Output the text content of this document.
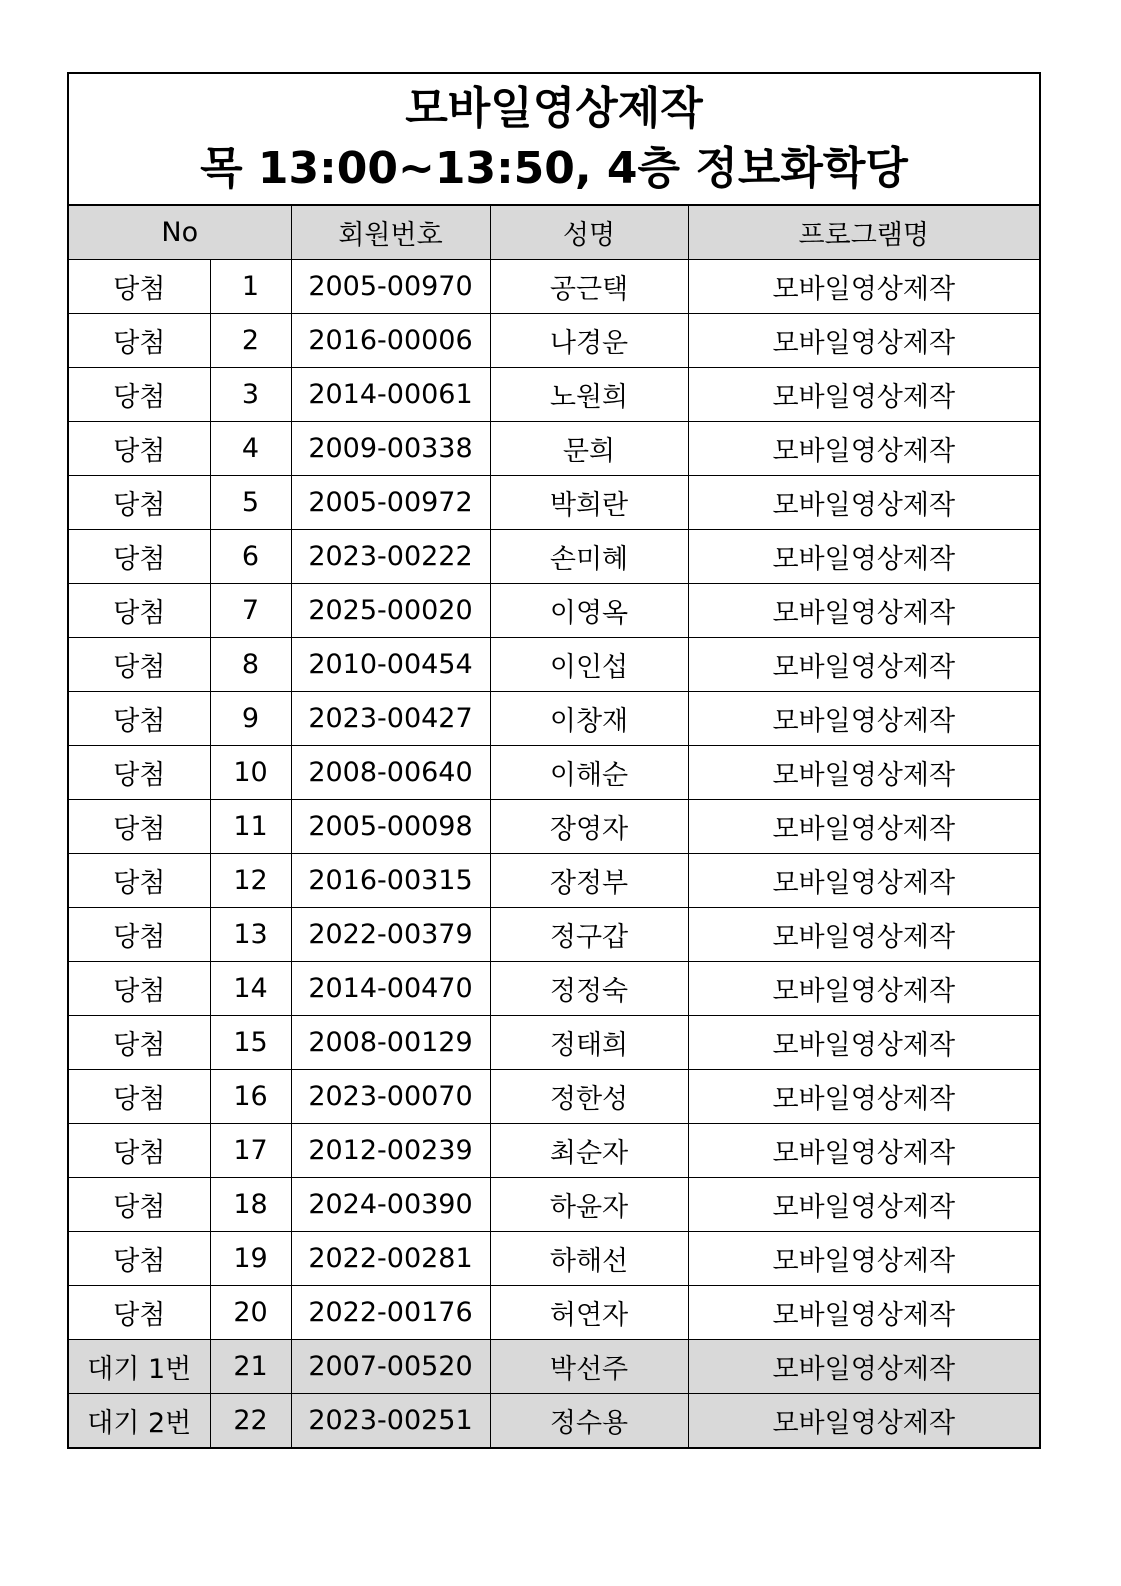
모바일영상제작
목 13:00~13:50, 4층 정보화학당
No		회원번호	성명	프로그램명
당첨	1	2005-00970	공근택	모바일영상제작
당첨	2	2016-00006	나경운	모바일영상제작
당첨	3	2014-00061	노원희	모바일영상제작
당첨	4	2009-00338	문희	모바일영상제작
당첨	5	2005-00972	박희란	모바일영상제작
당첨	6	2023-00222	손미혜	모바일영상제작
당첨	7	2025-00020	이영옥	모바일영상제작
당첨	8	2010-00454	이인섭	모바일영상제작
당첨	9	2023-00427	이창재	모바일영상제작
당첨	10	2008-00640	이해순	모바일영상제작
당첨	11	2005-00098	장영자	모바일영상제작
당첨	12	2016-00315	장정부	모바일영상제작
당첨	13	2022-00379	정구갑	모바일영상제작
당첨	14	2014-00470	정정숙	모바일영상제작
당첨	15	2008-00129	정태희	모바일영상제작
당첨	16	2023-00070	정한성	모바일영상제작
당첨	17	2012-00239	최순자	모바일영상제작
당첨	18	2024-00390	하윤자	모바일영상제작
당첨	19	2022-00281	하해선	모바일영상제작
당첨	20	2022-00176	허연자	모바일영상제작
대기 1번	21	2007-00520	박선주	모바일영상제작
대기 2번	22	2023-00251	정수용	모바일영상제작
